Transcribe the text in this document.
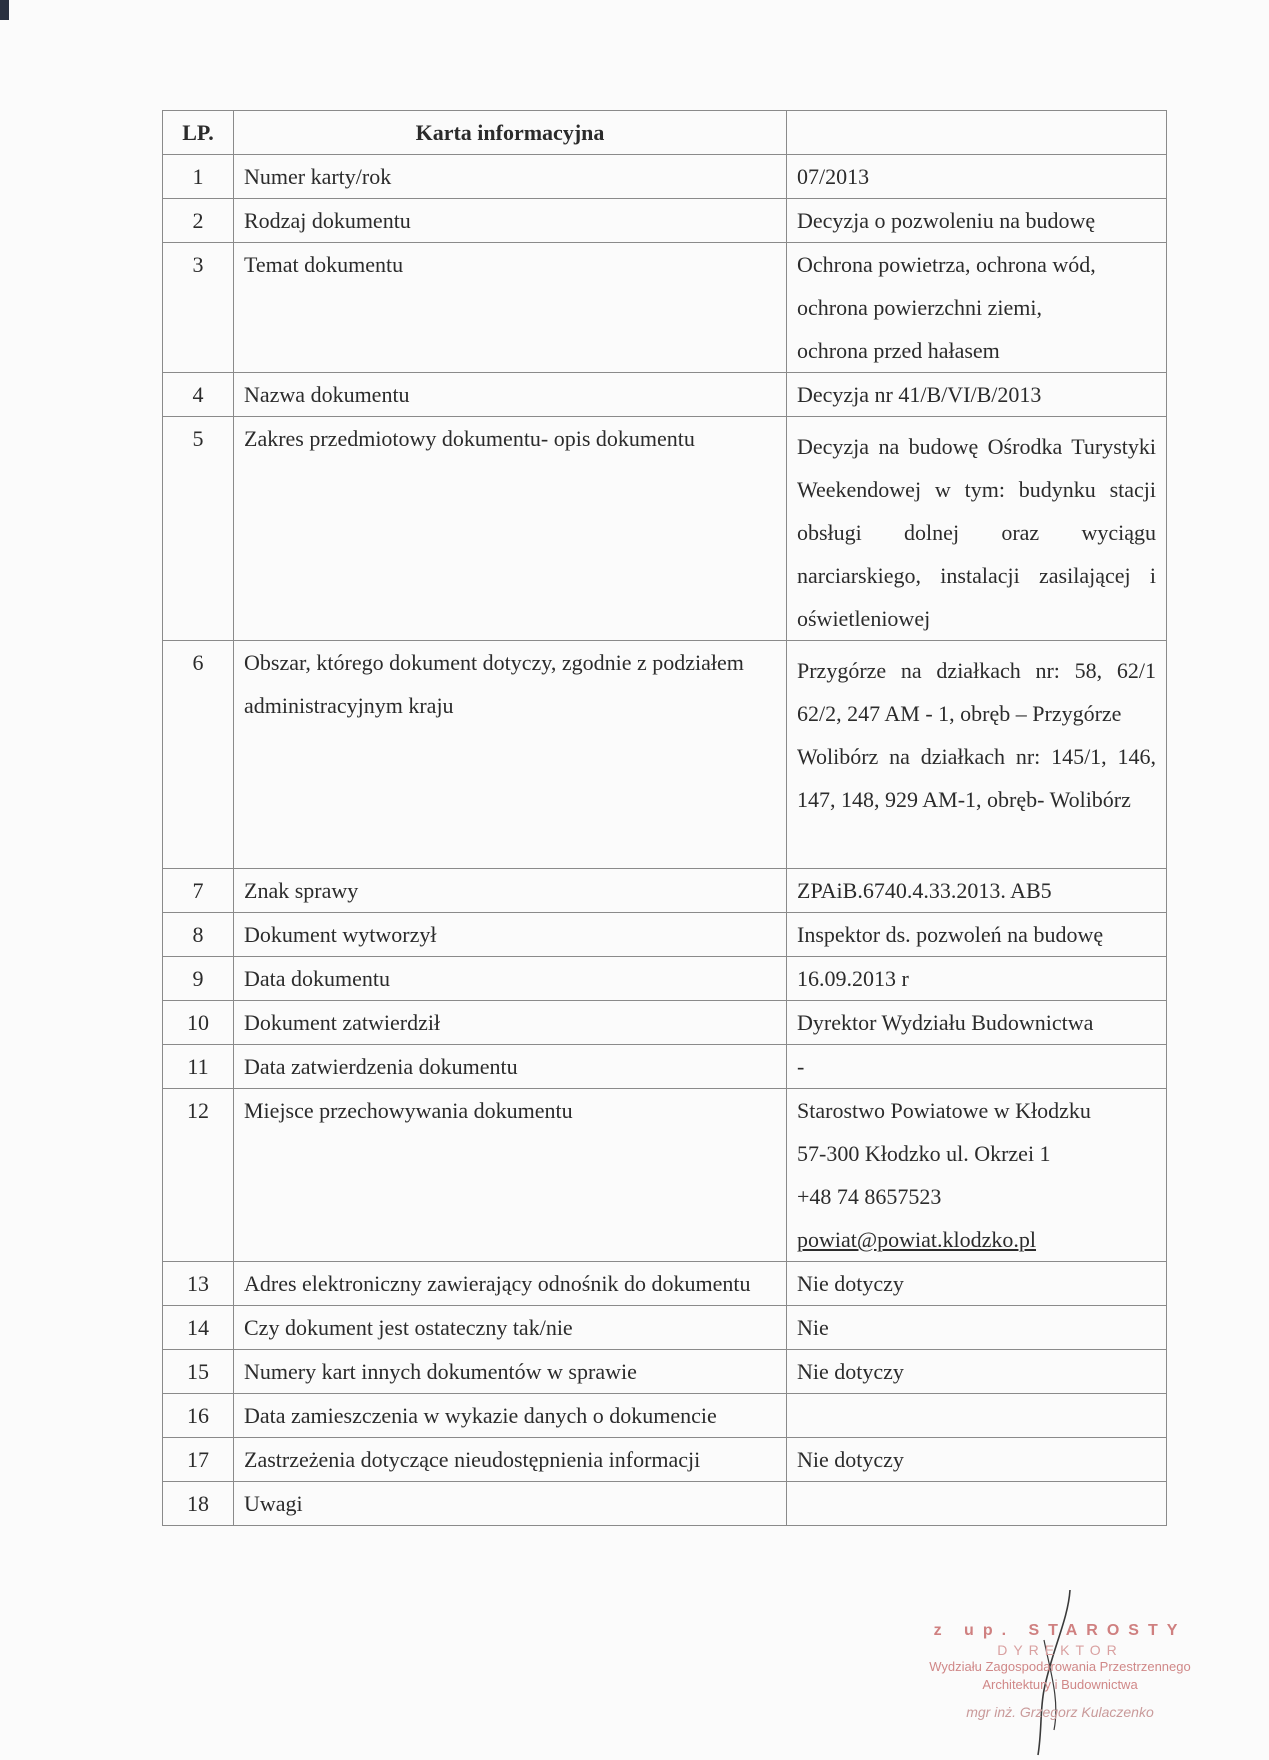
LP.	Karta informacyjna	
1	Numer karty/rok	07/2013

2	Rodzaj dokumentu	Decyzja o pozwoleniu na budowę

3	Temat dokumentu	Ochrona powietrza, ochrona wód,
ochrona powierzchni ziemi,
ochrona przed hałasem

4	Nazwa dokumentu	Decyzja nr 41/B/VI/B/2013

5	Zakres przedmiotowy dokumentu- opis dokumentu	Decyzja na budowę Ośrodka Turystyki Weekendowej w tym: budynku stacji obsługi dolnej oraz wyciągu narciarskiego, instalacji zasilającej i oświetleniowej
6	Obszar, którego dokument dotyczy, zgodnie z podziałem administracyjnym kraju	Przygórze na działkach nr: 58, 62/1 62/2, 247 AM - 1, obręb – Przygórze
Wolibórz na działkach nr: 145/1, 146, 147, 148, 929 AM-1, obręb- Wolibórz

7	Znak sprawy	ZPAiB.6740.4.33.2013. AB5

8	Dokument wytworzył	Inspektor ds. pozwoleń na budowę

9	Data dokumentu	16.09.2013 r

10	Dokument zatwierdził	Dyrektor Wydziału Budownictwa

11	Data zatwierdzenia dokumentu	-

12	Miejsce przechowywania dokumentu	Starostwo Powiatowe w Kłodzku
57-300 Kłodzko ul. Okrzei 1
+48 74 8657523
powiat@powiat.klodzko.pl

13	Adres elektroniczny zawierający odnośnik do dokumentu	Nie dotyczy

14	Czy dokument jest ostateczny tak/nie	Nie

15	Numery kart innych dokumentów w sprawie	Nie dotyczy

16	Data zamieszczenia w wykazie danych o dokumencie	

17	Zastrzeżenia dotyczące nieudostępnienia informacji	Nie dotyczy

18	Uwagi	
z up. STAROSTY
DYREKTOR
Wydziału Zagospodarowania Przestrzennego
Architektury i Budownictwa
mgr inż. Grzegorz Kulaczenko
